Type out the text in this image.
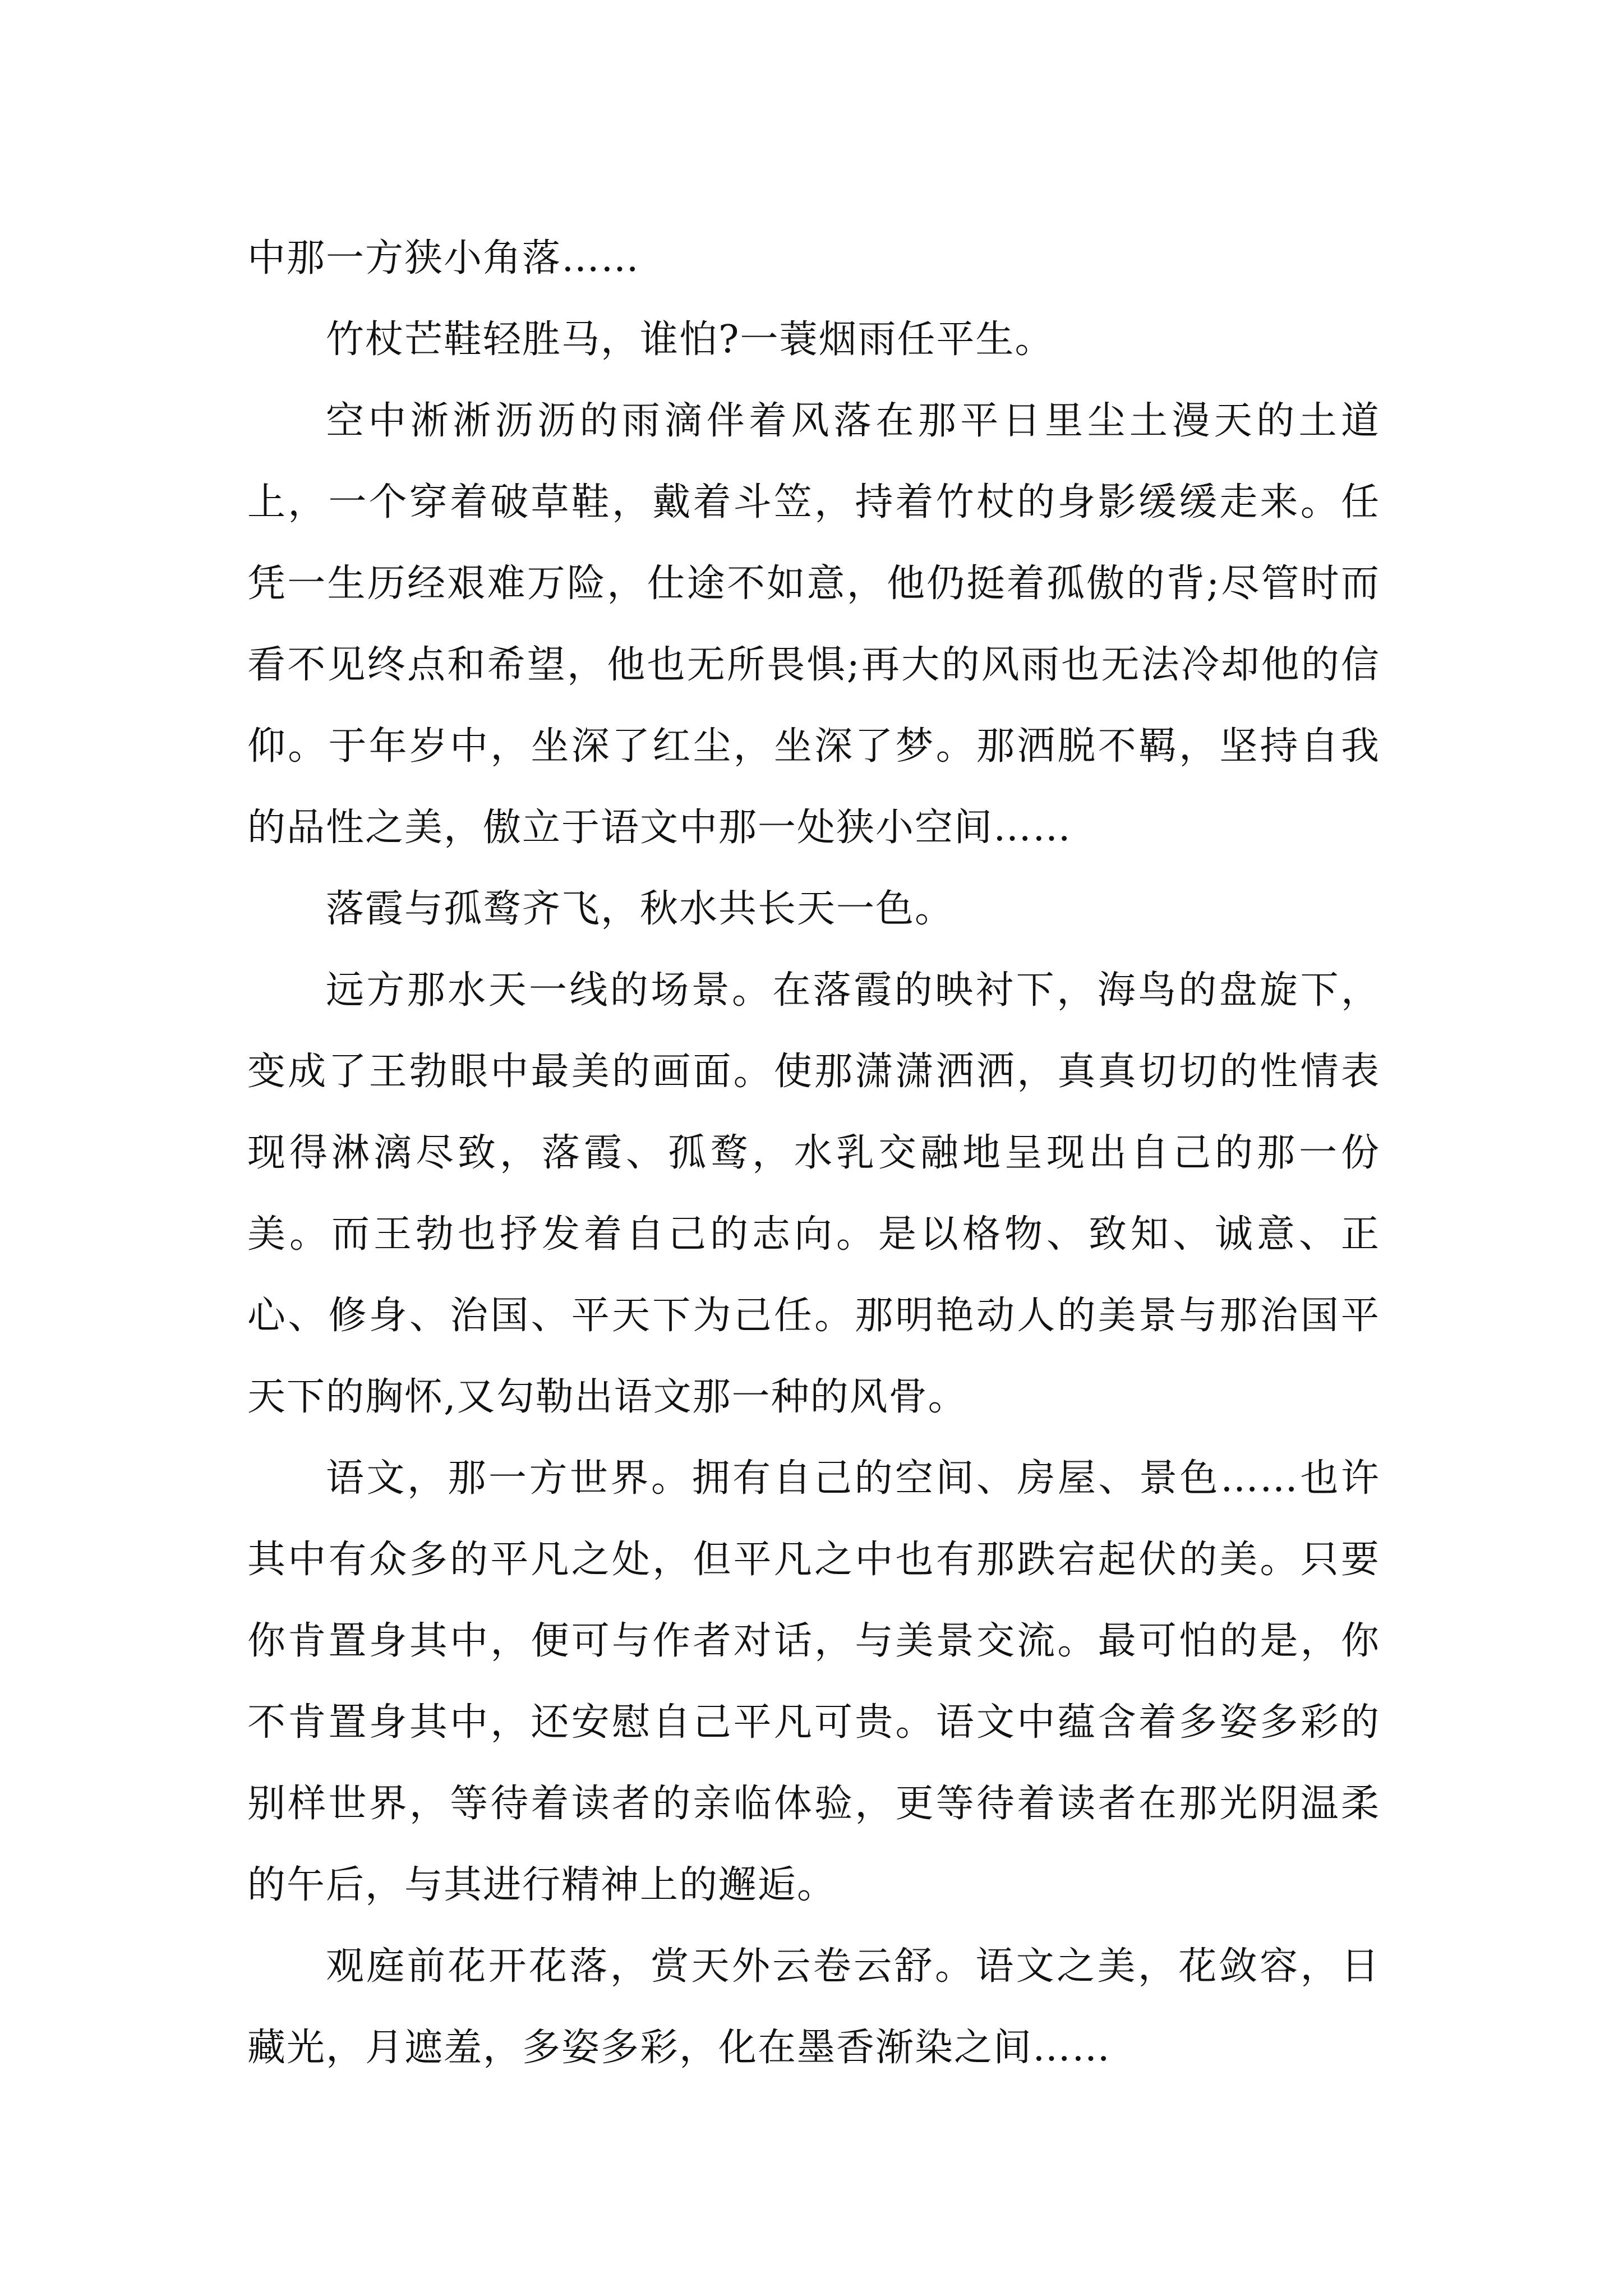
中那一方狭小角落……

竹杖芒鞋轻胜马，谁怕?一蓑烟雨任平生。

空中淅淅沥沥的雨滴伴着风落在那平日里尘土漫天的土道上，一个穿着破草鞋，戴着斗笠，持着竹杖的身影缓缓走来。任凭一生历经艰难万险，仕途不如意，他仍挺着孤傲的背;尽管时而看不见终点和希望，他也无所畏惧;再大的风雨也无法冷却他的信仰。于年岁中，坐深了红尘，坐深了梦。那洒脱不羁，坚持自我的品性之美，傲立于语文中那一处狭小空间……

落霞与孤鹜齐飞，秋水共长天一色。

远方那水天一线的场景。在落霞的映衬下，海鸟的盘旋下，变成了王勃眼中最美的画面。使那潇潇洒洒，真真切切的性情表现得淋漓尽致，落霞、孤鹜，水乳交融地呈现出自己的那一份美。而王勃也抒发着自己的志向。是以格物、致知、诚意、正心、修身、治国、平天下为己任。那明艳动人的美景与那治国平天下的胸怀,又勾勒出语文那一种的风骨。

语文，那一方世界。拥有自己的空间、房屋、景色……也许其中有众多的平凡之处，但平凡之中也有那跌宕起伏的美。只要你肯置身其中，便可与作者对话，与美景交流。最可怕的是，你不肯置身其中，还安慰自己平凡可贵。语文中蕴含着多姿多彩的别样世界，等待着读者的亲临体验，更等待着读者在那光阴温柔的午后，与其进行精神上的邂逅。

观庭前花开花落，赏天外云卷云舒。语文之美，花敛容，日藏光，月遮羞，多姿多彩，化在墨香渐染之间……
